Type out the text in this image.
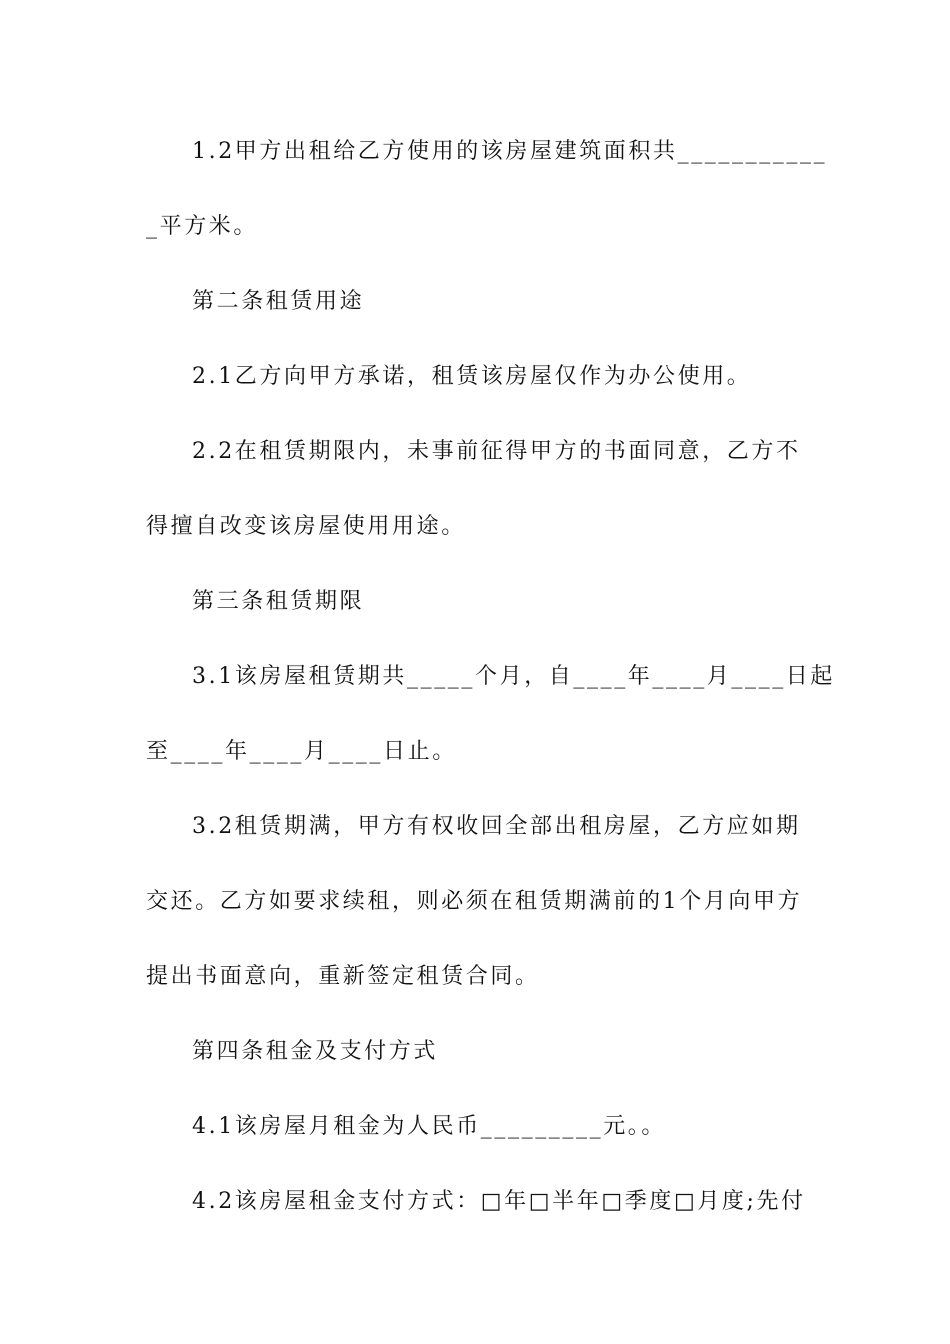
1.2甲方出租给乙方使用的该房屋建筑面积共___________
_平方米。
第二条租赁用途
2.1乙方向甲方承诺，租赁该房屋仅作为办公使用。
2.2在租赁期限内，未事前征得甲方的书面同意，乙方不
得擅自改变该房屋使用用途。
第三条租赁期限
3.1该房屋租赁期共_____个月，自____年____月____日起
至____年____月____日止。
3.2租赁期满，甲方有权收回全部出租房屋，乙方应如期
交还。乙方如要求续租，则必须在租赁期满前的1个月向甲方
提出书面意向，重新签定租赁合同。
第四条租金及支付方式
4.1该房屋月租金为人民币_________元。。
4.2该房屋租金支付方式：□年□半年□季度□月度;先付
